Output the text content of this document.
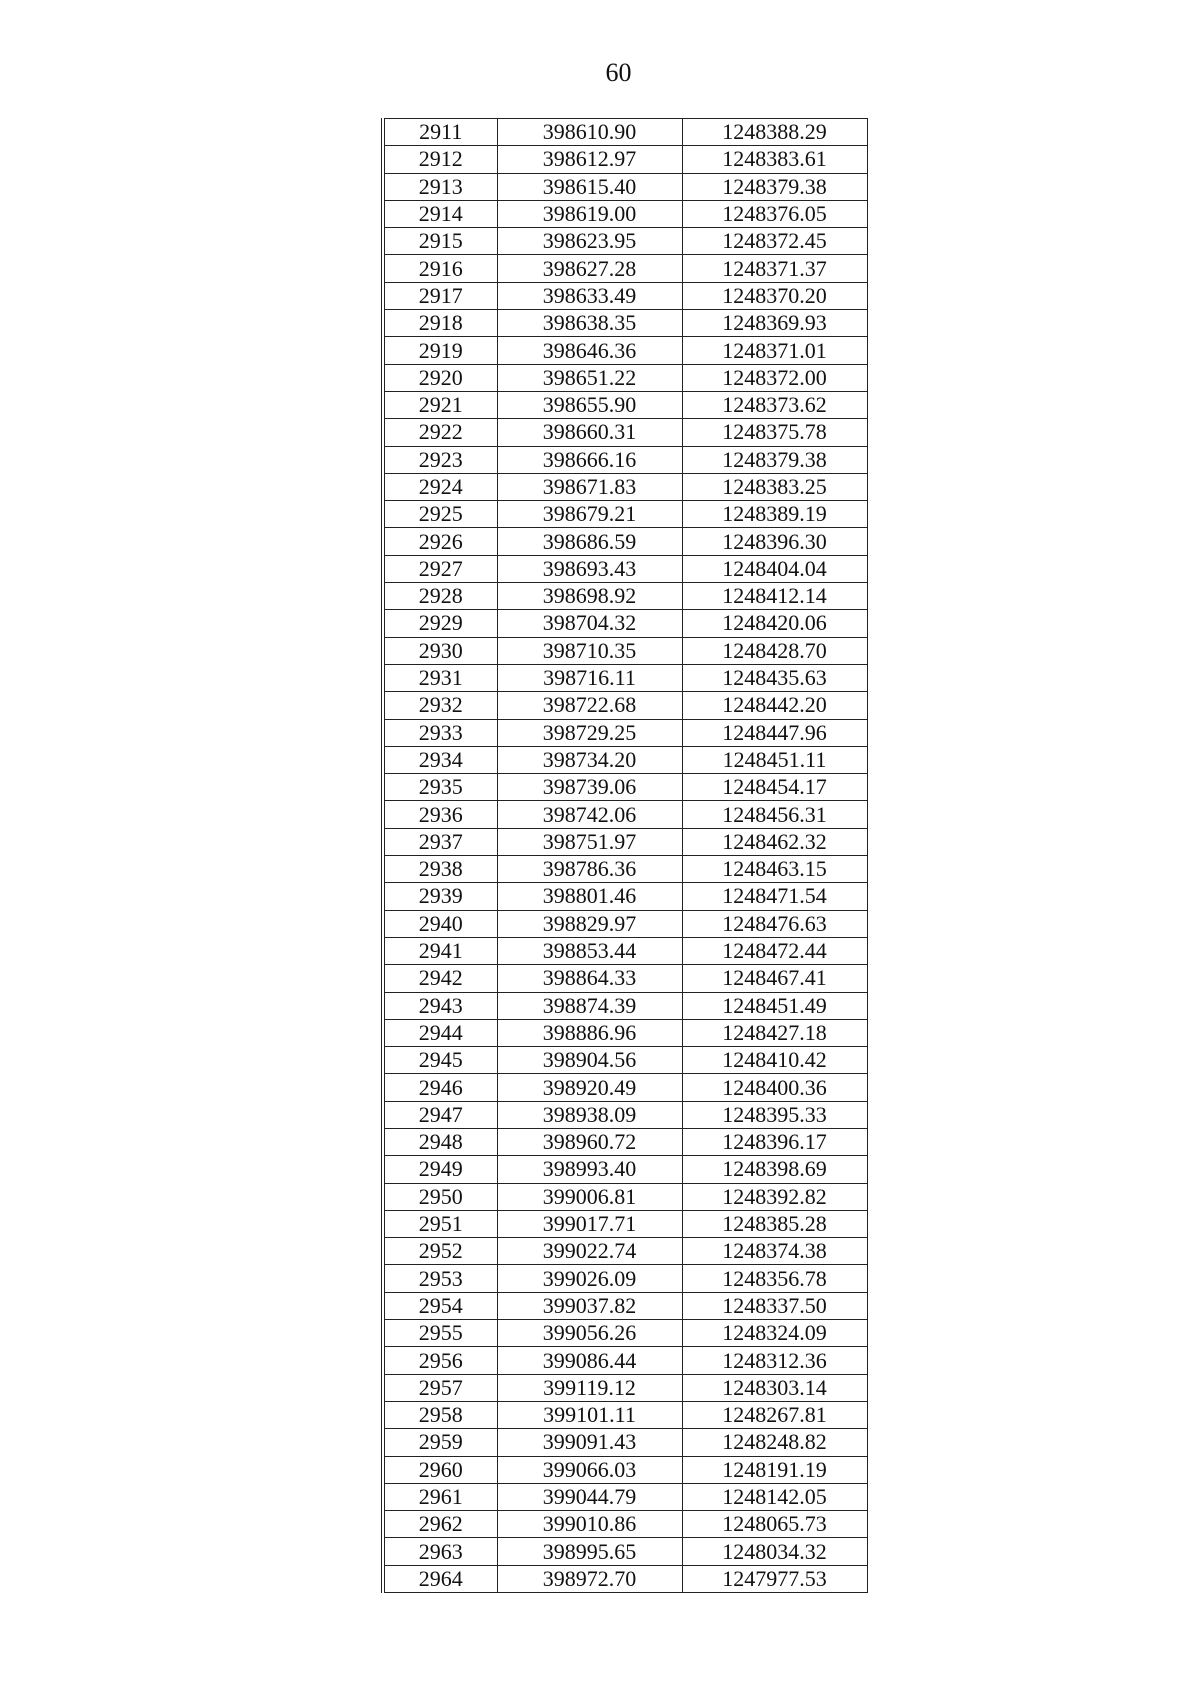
60
2911	398610.90	1248388.29
2912	398612.97	1248383.61
2913	398615.40	1248379.38
2914	398619.00	1248376.05
2915	398623.95	1248372.45
2916	398627.28	1248371.37
2917	398633.49	1248370.20
2918	398638.35	1248369.93
2919	398646.36	1248371.01
2920	398651.22	1248372.00
2921	398655.90	1248373.62
2922	398660.31	1248375.78
2923	398666.16	1248379.38
2924	398671.83	1248383.25
2925	398679.21	1248389.19
2926	398686.59	1248396.30
2927	398693.43	1248404.04
2928	398698.92	1248412.14
2929	398704.32	1248420.06
2930	398710.35	1248428.70
2931	398716.11	1248435.63
2932	398722.68	1248442.20
2933	398729.25	1248447.96
2934	398734.20	1248451.11
2935	398739.06	1248454.17
2936	398742.06	1248456.31
2937	398751.97	1248462.32
2938	398786.36	1248463.15
2939	398801.46	1248471.54
2940	398829.97	1248476.63
2941	398853.44	1248472.44
2942	398864.33	1248467.41
2943	398874.39	1248451.49
2944	398886.96	1248427.18
2945	398904.56	1248410.42
2946	398920.49	1248400.36
2947	398938.09	1248395.33
2948	398960.72	1248396.17
2949	398993.40	1248398.69
2950	399006.81	1248392.82
2951	399017.71	1248385.28
2952	399022.74	1248374.38
2953	399026.09	1248356.78
2954	399037.82	1248337.50
2955	399056.26	1248324.09
2956	399086.44	1248312.36
2957	399119.12	1248303.14
2958	399101.11	1248267.81
2959	399091.43	1248248.82
2960	399066.03	1248191.19
2961	399044.79	1248142.05
2962	399010.86	1248065.73
2963	398995.65	1248034.32
2964	398972.70	1247977.53
